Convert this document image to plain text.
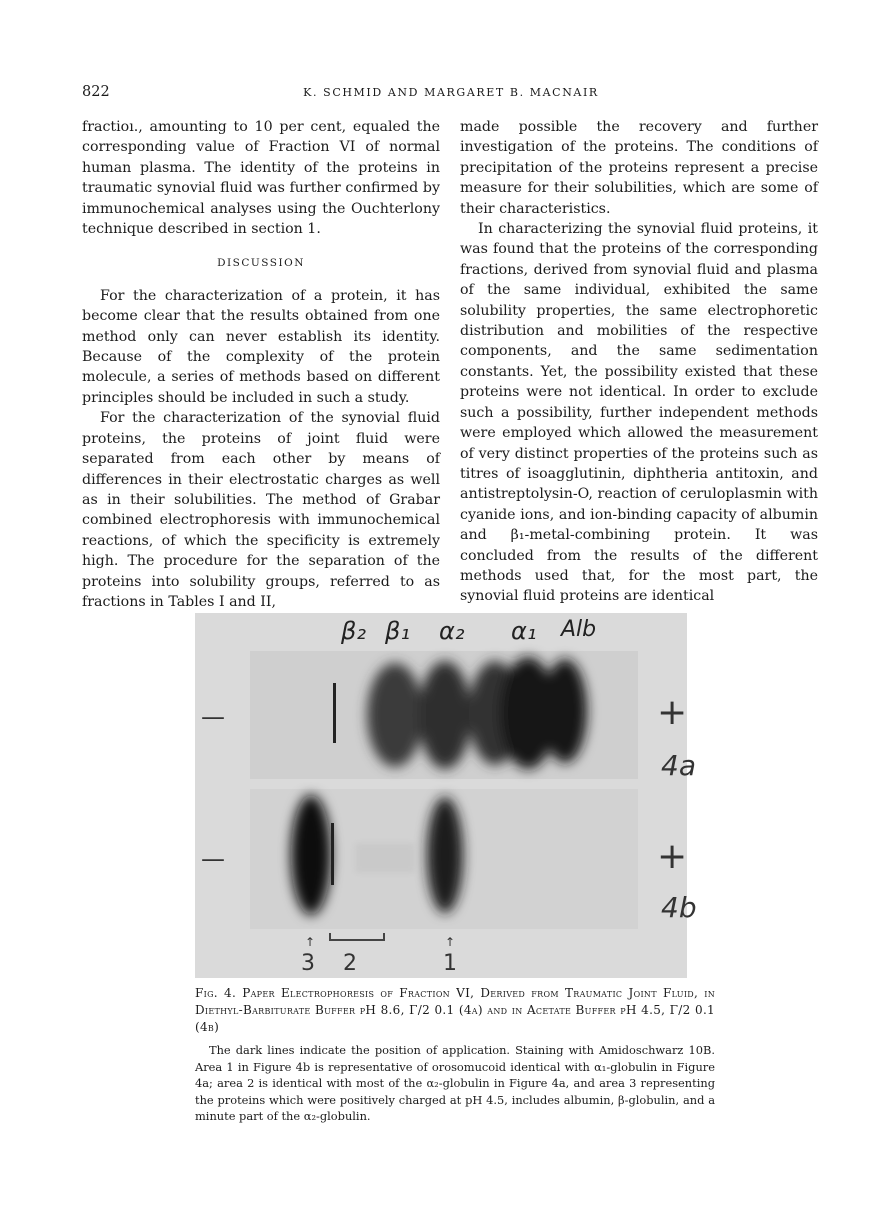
822	K. SCHMID AND MARGARET B. MACNAIR

fractioı., amounting to 10 per cent, equaled the corresponding value of Fraction VI of normal human plasma. The identity of the proteins in traumatic synovial fluid was further confirmed by immunochemical analyses using the Ouchterlony technique described in section 1.

DISCUSSION

For the characterization of a protein, it has become clear that the results obtained from one method only can never establish its identity. Because of the complexity of the protein molecule, a series of methods based on different principles should be included in such a study.

For the characterization of the synovial fluid proteins, the proteins of joint fluid were separated from each other by means of differences in their electrostatic charges as well as in their solubilities. The method of Grabar combined electrophoresis with immunochemical reactions, of which the specificity is extremely high. The procedure for the separation of the proteins into solubility groups, referred to as fractions in Tables I and II,

made possible the recovery and further investigation of the proteins. The conditions of precipitation of the proteins represent a precise measure for their solubilities, which are some of their characteristics.

In characterizing the synovial fluid proteins, it was found that the proteins of the corresponding fractions, derived from synovial fluid and plasma of the same individual, exhibited the same solubility properties, the same electrophoretic distribution and mobilities of the respective components, and the same sedimentation constants. Yet, the possibility existed that these proteins were not identical. In order to exclude such a possibility, further independent methods were employed which allowed the measurement of very distinct properties of the proteins such as titres of isoagglutinin, diphtheria antitoxin, and antistreptolysin-O, reaction of ceruloplasmin with cyanide ions, and ion-binding capacity of albumin and β₁-metal-combining protein. It was concluded from the results of the different methods used that, for the most part, the synovial fluid proteins are identical

β₂ β₁ α₂ α₁ Alb
—	+
4a
—	+
4b
↑
3 2
↑
1

Fig. 4. Paper Electrophoresis of Fraction VI, Derived from Traumatic Joint Fluid, in Diethyl-Barbiturate Buffer pH 8.6, Γ/2 0.1 (4a) and in Acetate Buffer pH 4.5, Γ/2 0.1 (4b)

The dark lines indicate the position of application. Staining with Amidoschwarz 10B. Area 1 in Figure 4b is representative of orosomucoid identical with α₁-globulin in Figure 4a; area 2 is identical with most of the α₂-globulin in Figure 4a, and area 3 representing the proteins which were positively charged at pH 4.5, includes albumin, β-globulin, and a minute part of the α₂-globulin.
